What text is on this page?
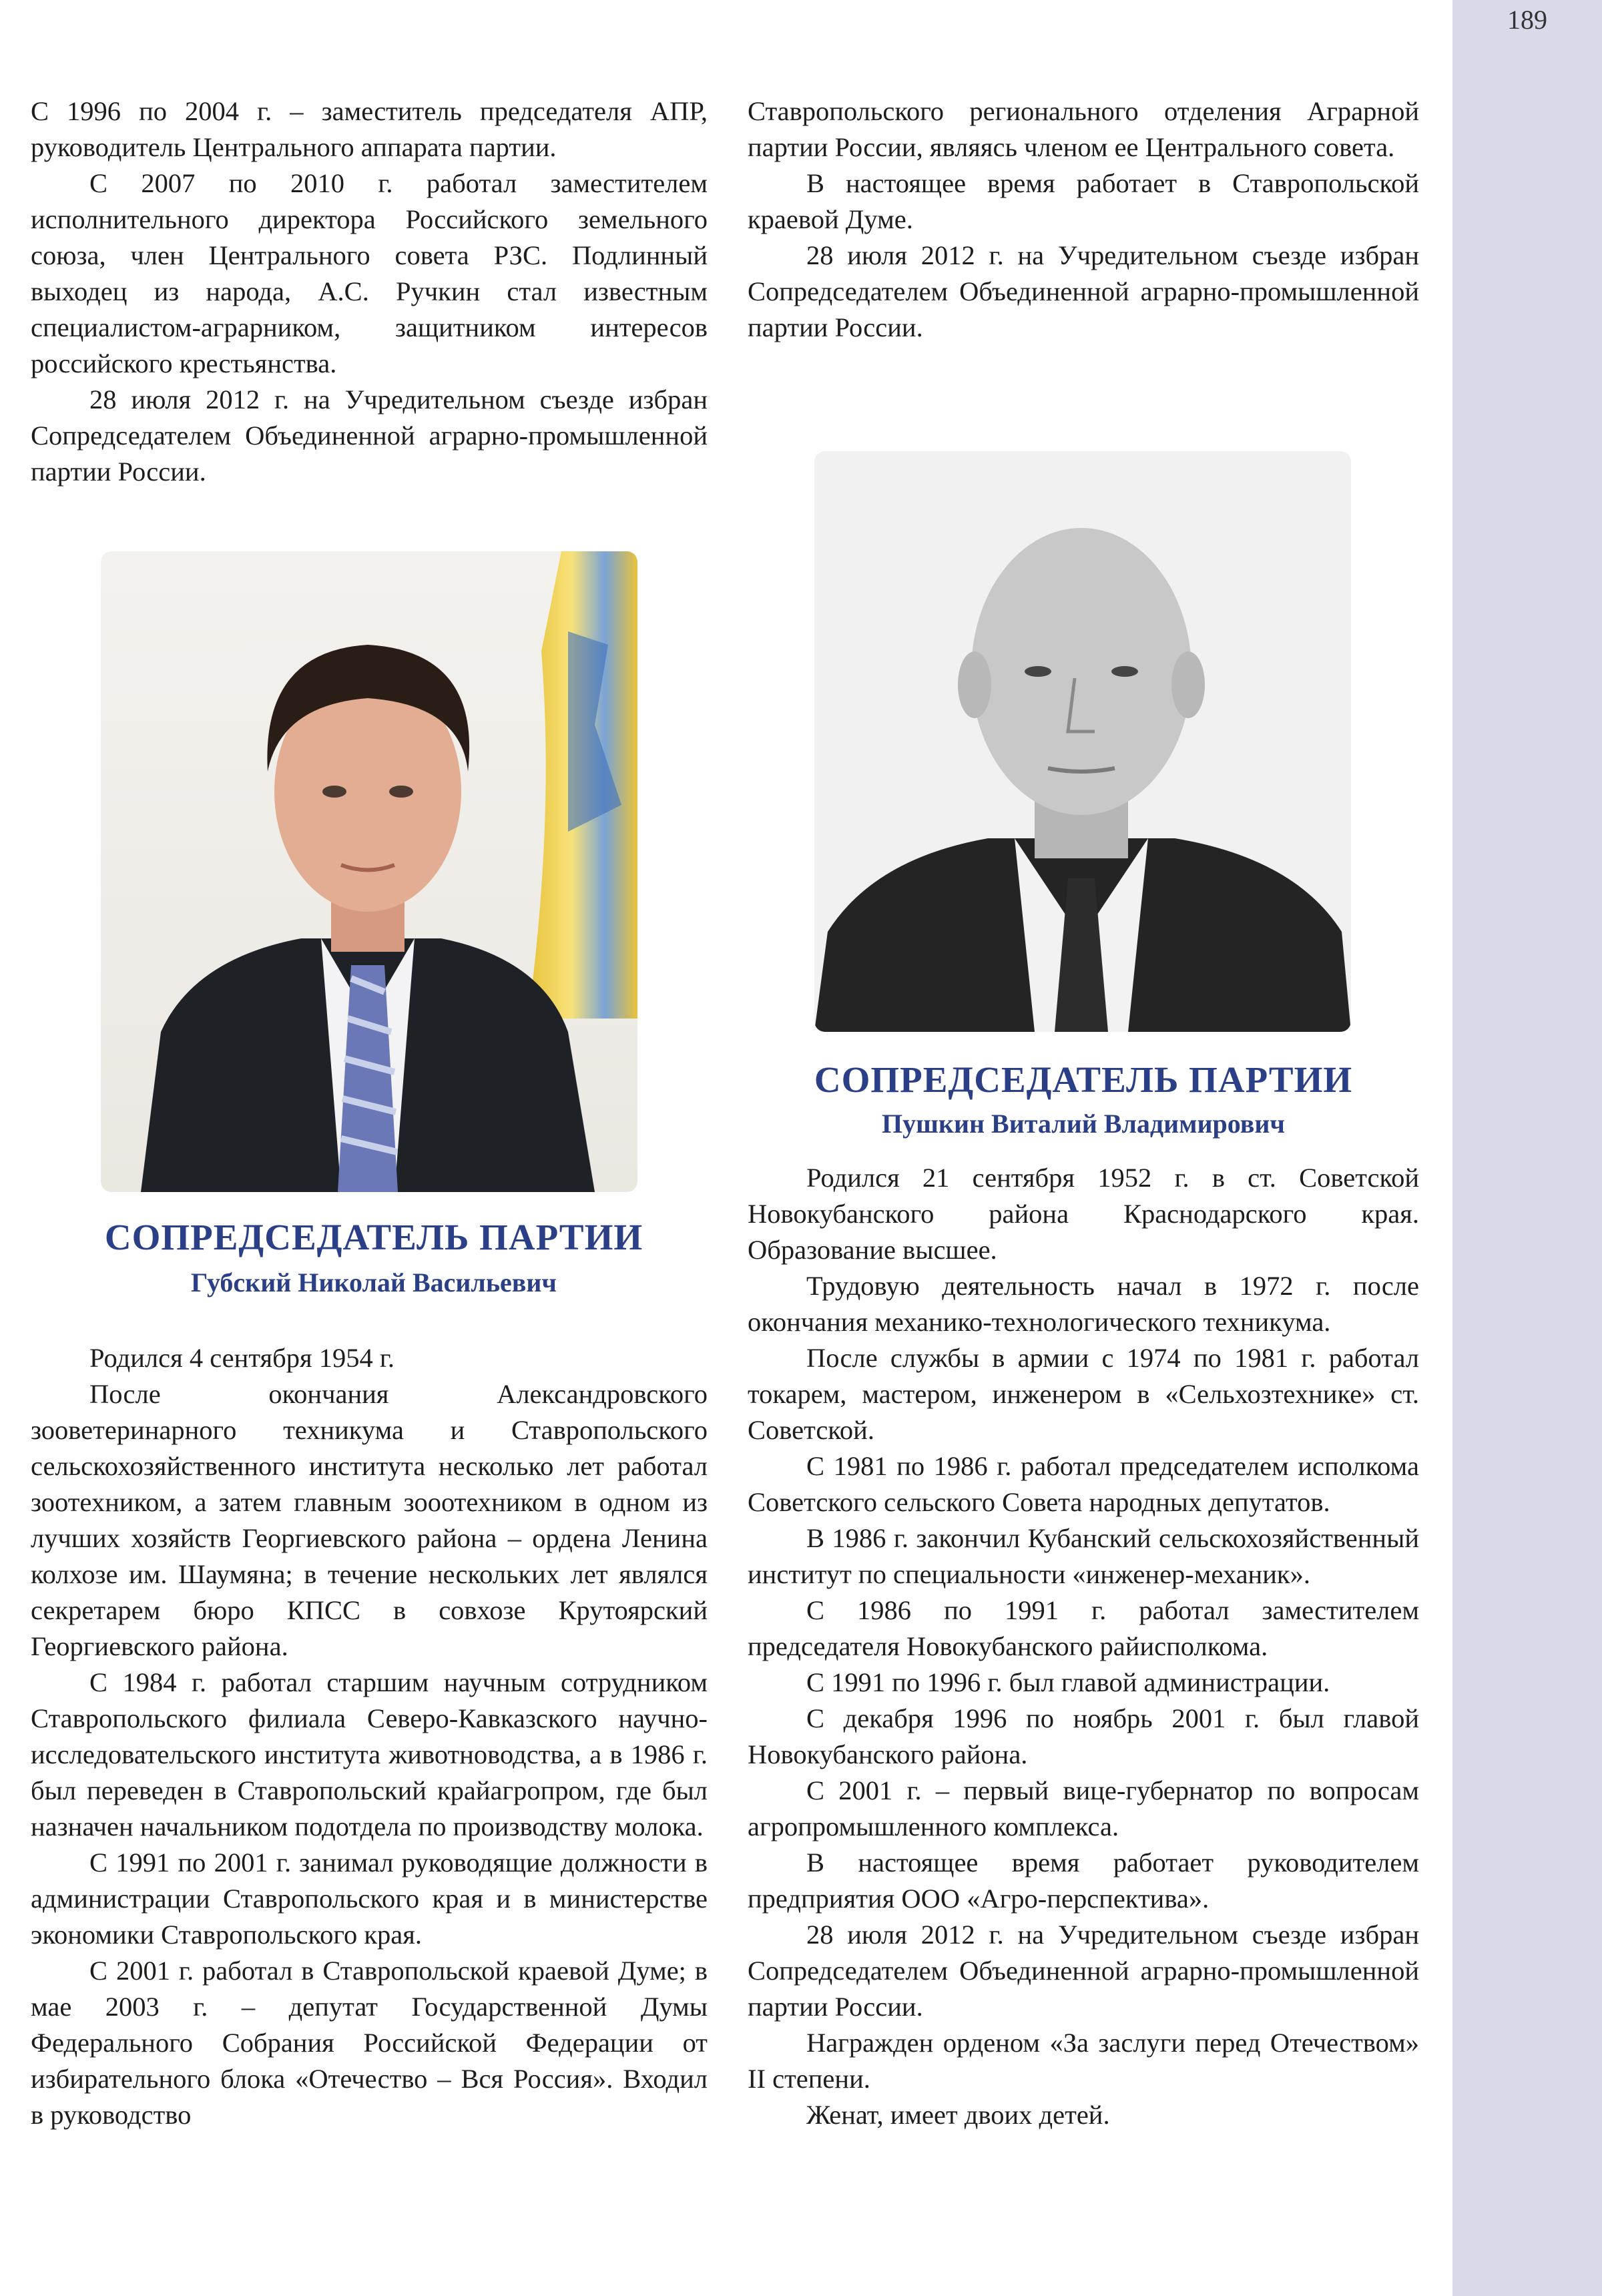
189

С 1996 по 2004 г. – заместитель председателя АПР, руководитель Центрального аппарата партии.

С 2007 по 2010 г. работал заместителем исполнительного директора Российского земельного союза, член Центрального совета РЗС. Подлинный выходец из народа, А.С. Ручкин стал известным специалистом-аграрником, защитником интересов российского крестьянства.

28 июля 2012 г. на Учредительном съезде избран Сопредседателем Объединенной аграрно-промышленной партии России.

Ставропольского регионального отделения Аграрной партии России, являясь членом ее Центрального совета.

В настоящее время работает в Ставропольской краевой Думе.

28 июля 2012 г. на Учредительном съезде избран Сопредседателем Объединенной аграрно-промышленной партии России.

СОПРЕДСЕДАТЕЛЬ ПАРТИИ
Пушкин Виталий Владимирович
СОПРЕДСЕДАТЕЛЬ ПАРТИИ
Губский Николай Васильевич

Родился 21 сентября 1952 г. в ст. Советской Новокубанского района Краснодарского края. Образование высшее.

Трудовую деятельность начал в 1972 г. после окончания механико-технологического техникума.

После службы в армии с 1974 по 1981 г. работал токарем, мастером, инженером в «Сельхозтехнике» ст. Советской.

С 1981 по 1986 г. работал председателем исполкома Советского сельского Совета народных депутатов.

В 1986 г. закончил Кубанский сельскохозяйственный институт по специальности «инженер-механик».

С 1986 по 1991 г. работал заместителем председателя Новокубанского райисполкома.

С 1991 по 1996 г. был главой администрации.

С декабря 1996 по ноябрь 2001 г. был главой Новокубанского района.

С 2001 г. – первый вице-губернатор по вопросам агропромышленного комплекса.

В настоящее время работает руководителем предприятия ООО «Агро-перспектива».

28 июля 2012 г. на Учредительном съезде избран Сопредседателем Объединенной аграрно-промышленной партии России.

Награжден орденом «За заслуги перед Отечеством» II степени.

Женат, имеет двоих детей.

Родился 4 сентября 1954 г.

После окончания Александровского зооветеринарного техникума и Ставропольского сельскохозяйственного института несколько лет работал зоотехником, а затем главным зооотехником в одном из лучших хозяйств Георгиевского района – ордена Ленина колхозе им. Шаумяна; в течение нескольких лет являлся секретарем бюро КПСС в совхозе Крутоярский Георгиевского района.

С 1984 г. работал старшим научным сотрудником Ставропольского филиала Северо-Кавказского научно-исследовательского института животноводства, а в 1986 г. был переведен в Ставропольский крайагропром, где был назначен начальником подотдела по производству молока.

С 1991 по 2001 г. занимал руководящие должности в администрации Ставропольского края и в министерстве экономики Ставропольского края.

С 2001 г. работал в Ставропольской краевой Думе; в мае 2003 г. – депутат Государственной Думы Федерального Собрания Российской Федерации от избирательного блока «Отечество – Вся Россия». Входил в руководство
